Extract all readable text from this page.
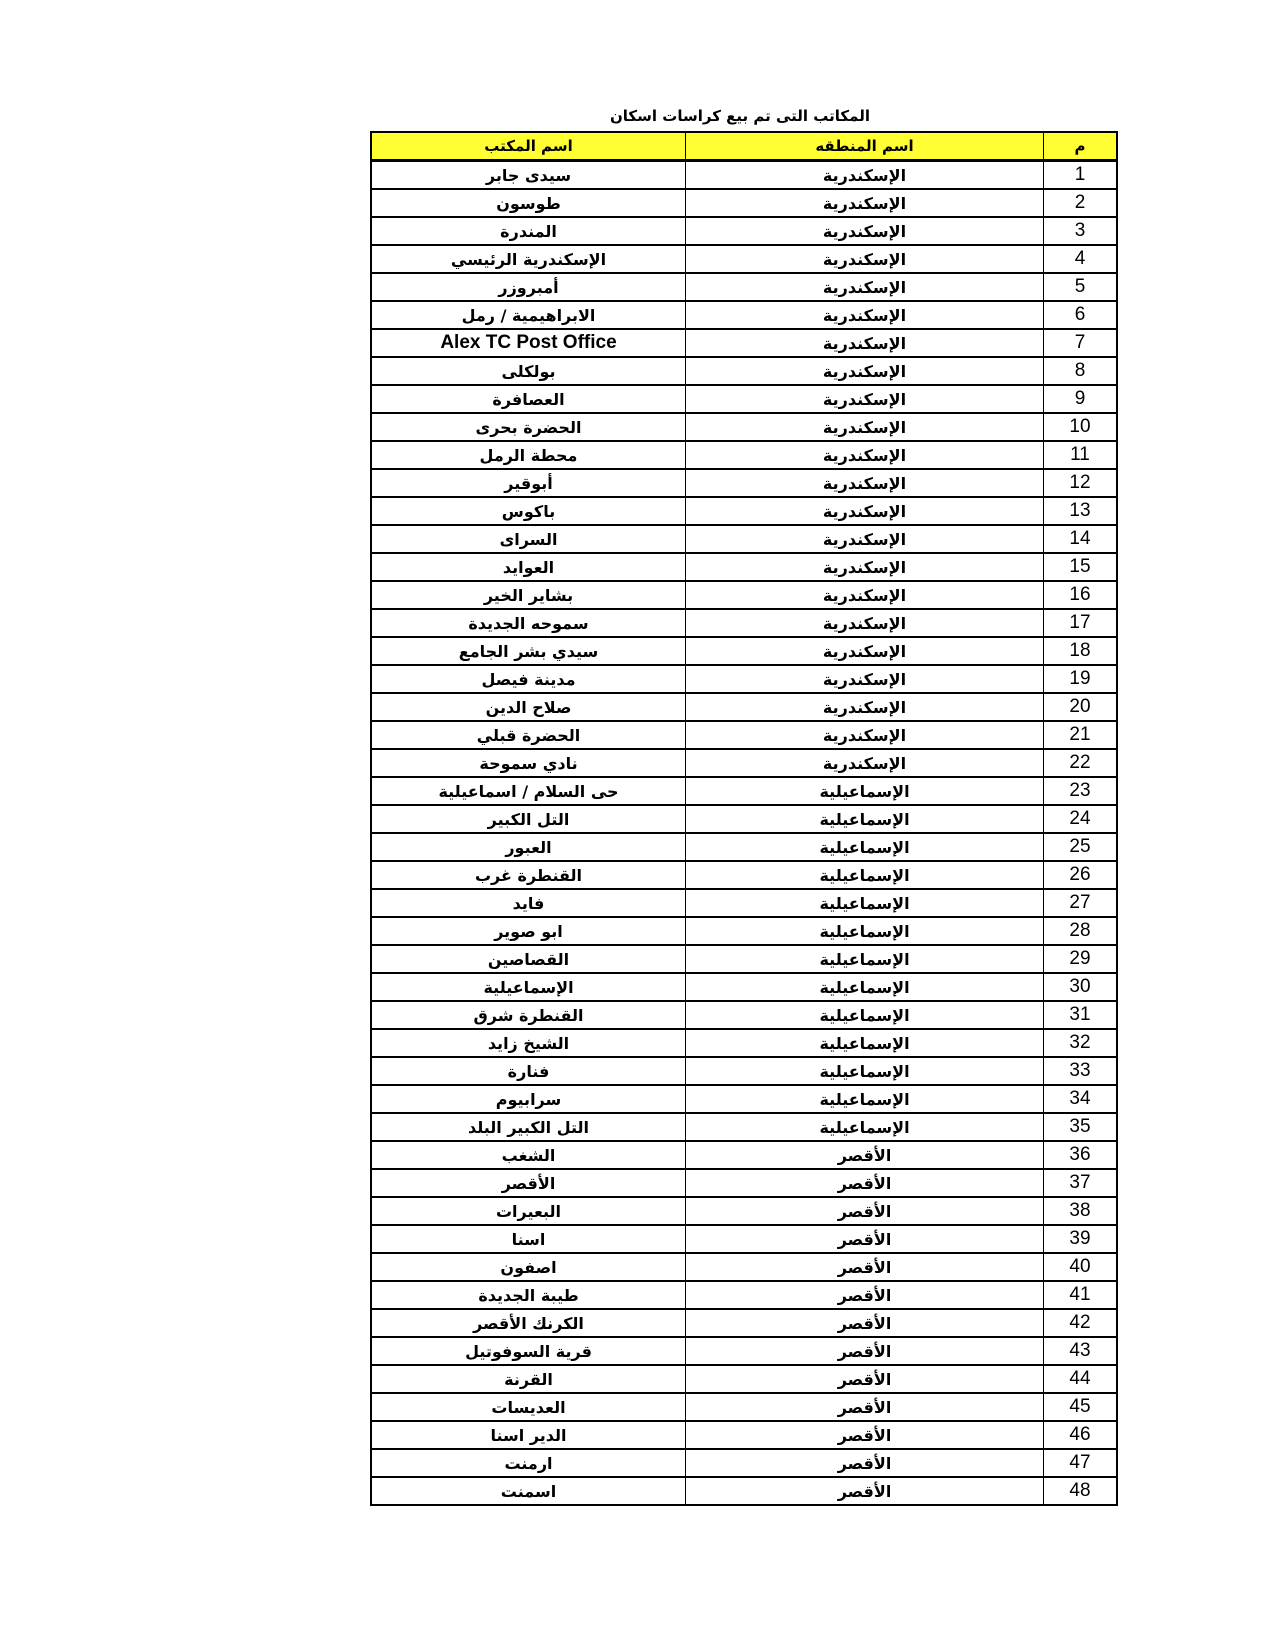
المكاتب التى تم بيع كراسات اسكان
اسم المكتب	اسم المنطقه	م
سيدى جابر	الإسكندرية	1
طوسون	الإسكندرية	2
المندرة	الإسكندرية	3
الإسكندرية الرئيسي	الإسكندرية	4
أمبروزر	الإسكندرية	5
الابراهيمية / رمل	الإسكندرية	6
Alex TC Post Office	الإسكندرية	7
بولكلى	الإسكندرية	8
العصافرة	الإسكندرية	9
الحضرة بحرى	الإسكندرية	10
محطة الرمل	الإسكندرية	11
أبوقير	الإسكندرية	12
باكوس	الإسكندرية	13
السراى	الإسكندرية	14
العوايد	الإسكندرية	15
بشاير الخير	الإسكندرية	16
سموحه الجديدة	الإسكندرية	17
سيدي بشر الجامع	الإسكندرية	18
مدينة فيصل	الإسكندرية	19
صلاح الدين	الإسكندرية	20
الحضرة قبلي	الإسكندرية	21
نادي سموحة	الإسكندرية	22
حى السلام / اسماعيلية	الإسماعيلية	23
التل الكبير	الإسماعيلية	24
العبور	الإسماعيلية	25
القنطرة غرب	الإسماعيلية	26
فايد	الإسماعيلية	27
ابو صوير	الإسماعيلية	28
القصاصين	الإسماعيلية	29
الإسماعيلية	الإسماعيلية	30
القنطرة شرق	الإسماعيلية	31
الشيخ زايد	الإسماعيلية	32
فنارة	الإسماعيلية	33
سرابيوم	الإسماعيلية	34
التل الكبير البلد	الإسماعيلية	35
الشغب	الأقصر	36
الأقصر	الأقصر	37
البعيرات	الأقصر	38
اسنا	الأقصر	39
اصفون	الأقصر	40
طيبة الجديدة	الأقصر	41
الكرنك الأقصر	الأقصر	42
قرية السوفوتيل	الأقصر	43
القرنة	الأقصر	44
العديسات	الأقصر	45
الدير اسنا	الأقصر	46
ارمنت	الأقصر	47
اسمنت	الأقصر	48
